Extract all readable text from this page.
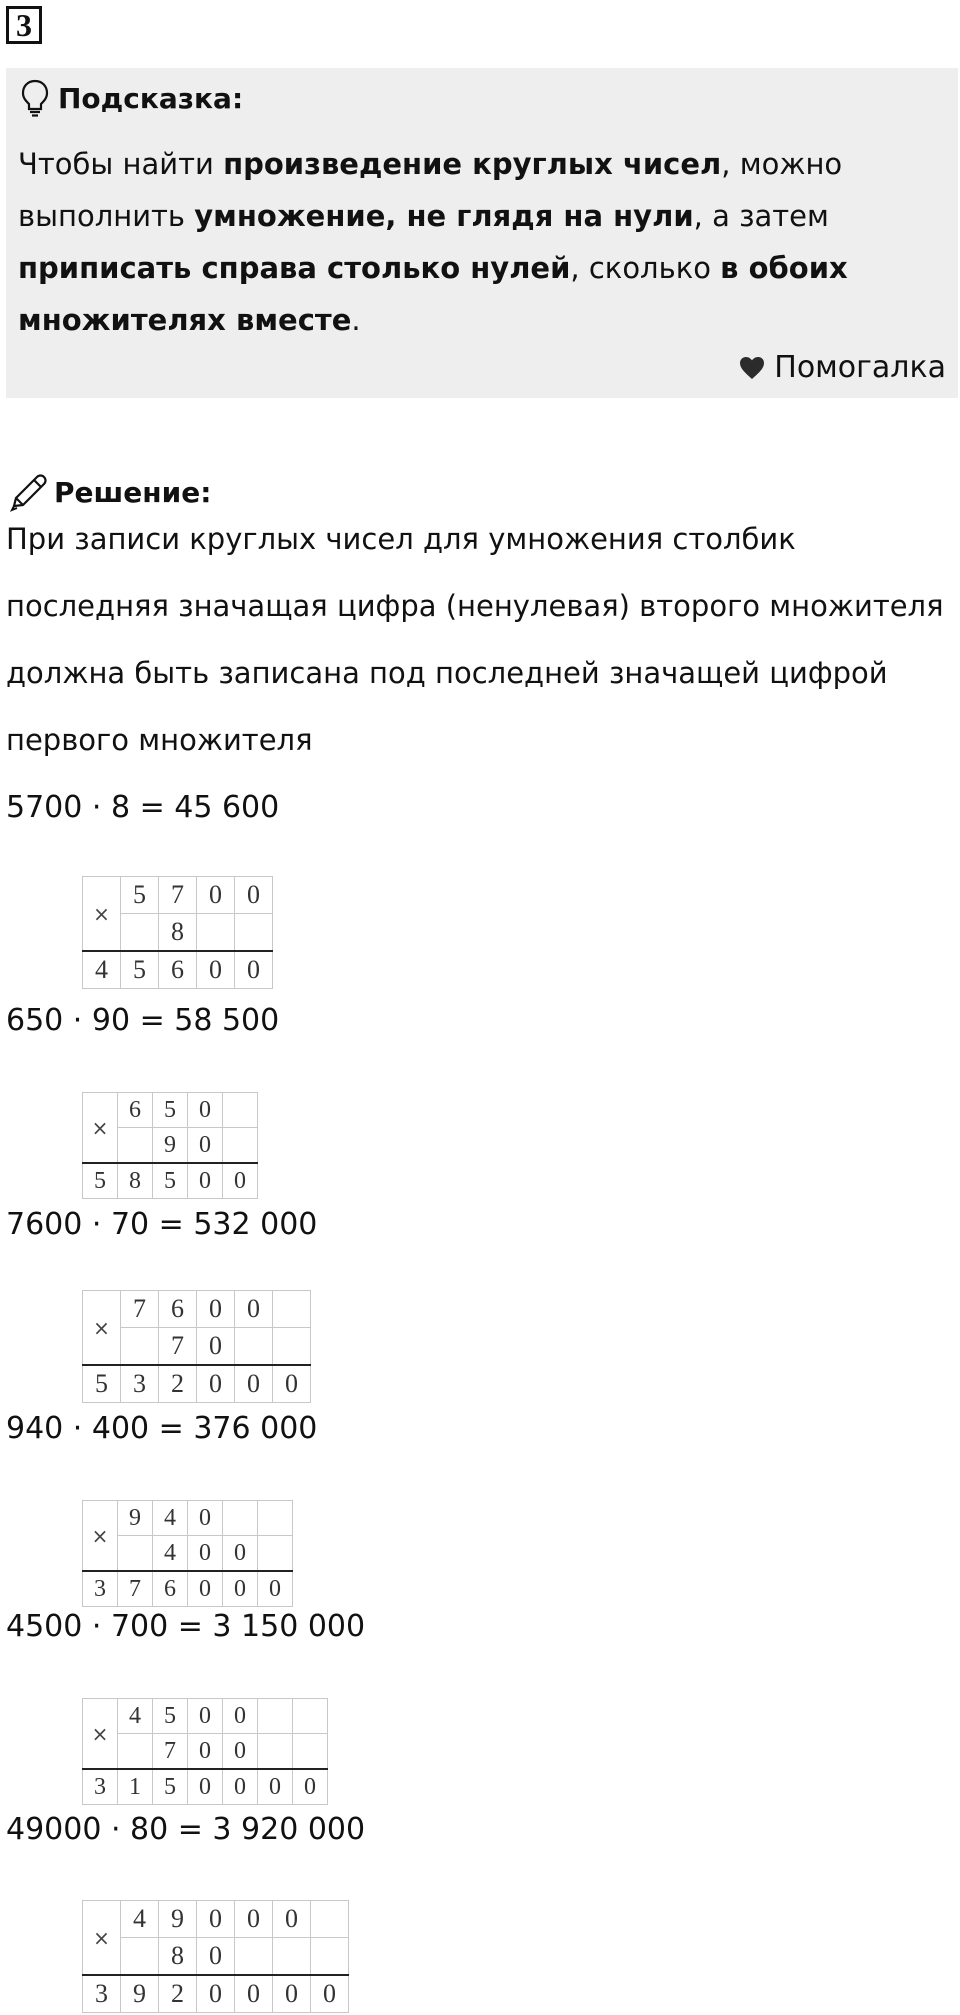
3
Подсказка:
Чтобы найти произведение круглых чисел, можно
выполнить умножение, не глядя на нули, а затем
приписать справа столько нулей, сколько в обоих
множителях вместе.
Помогалка
Решение:
При записи круглых чисел для умножения столбик
последняя значащая цифра (ненулевая) второго множителя
должна быть записана под последней значащей цифрой
первого множителя
5700 · 8 = 45 600
×	5	7	0	0
		8		
4	5	6	0	0
650 · 90 = 58 500
×	6	5	0	
		9	0	
5	8	5	0	0
7600 · 70 = 532 000
×	7	6	0	0	
		7	0		
5	3	2	0	0	0
940 · 400 = 376 000
×	9	4	0		
		4	0	0	
3	7	6	0	0	0
4500 · 700 = 3 150 000
×	4	5	0	0		
		7	0	0		
3	1	5	0	0	0	0
49000 · 80 = 3 920 000
×	4	9	0	0	0	
		8	0			
3	9	2	0	0	0	0
